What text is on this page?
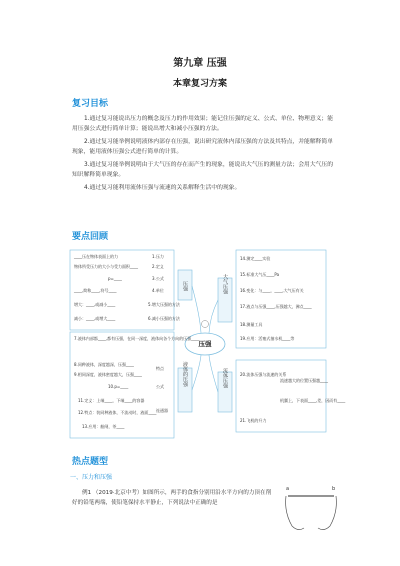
第九章 压强
本章复习方案
复习目标

1.通过复习能说出压力的概念及压力的作用效果；能记住压强的定义、公式、单位、物理意义；能用压强公式进行简单计算；能说出增大和减小压强的方法。

2.通过复习能举例说明液体内部存在压强，说出研究液体内部压强的方法及其特点，并能解释简单现象，能用液体压强公式进行简单的计算。

3.通过复习能举例说明由于大气压的存在而产生的现象，能说出大气压的测量方法；会用大气压的知识解释简单现象。

4.通过复习能利用流体压强与流速的关系解释生活中的现象。

要点回顾
压强	大气压强
液体的压强	流体压强
压强
____压在物体表面上的力	1.压力
物体所受压力的大小与受力面积____	2.定义
p=____	3.公式
____,简称____,符号____	4.单位
增大：____,或减小____	5.增大压强的方法
减小：____,或增大____	6.减小压强的方法
7.液体内部都____,都有压强，在同一深度，液体向各个方向的压强____
8.同种液体，深度越深，压强____
9.相同深度，液体密度越大，压强____
特点
10.p=____	公式
11.定义：上端____，下端____的容器
12.特点：装同种液体，不流动时，液面____ 连通器
13.应用：船闸，茶____
14.测定____实验
15.标准大气压____Pa
16.变化：与____，____,大气压有关
17.液点与压强____,压强越大，沸点____
18.测量工具
19.应用：活塞式抽水机____等
20.流体压强与流速的关系
流速越大的位置压强越____
机翼上，下表面____,差，因而有____
21.飞机的升力
热点题型
一、压力和压强

例1 （2019·北京中考）如图所示，两手的食指分别用沿水平方向的力顶在削好的铅笔两端，使铅笔保持水平静止，下列说法中正确的是

a	b
